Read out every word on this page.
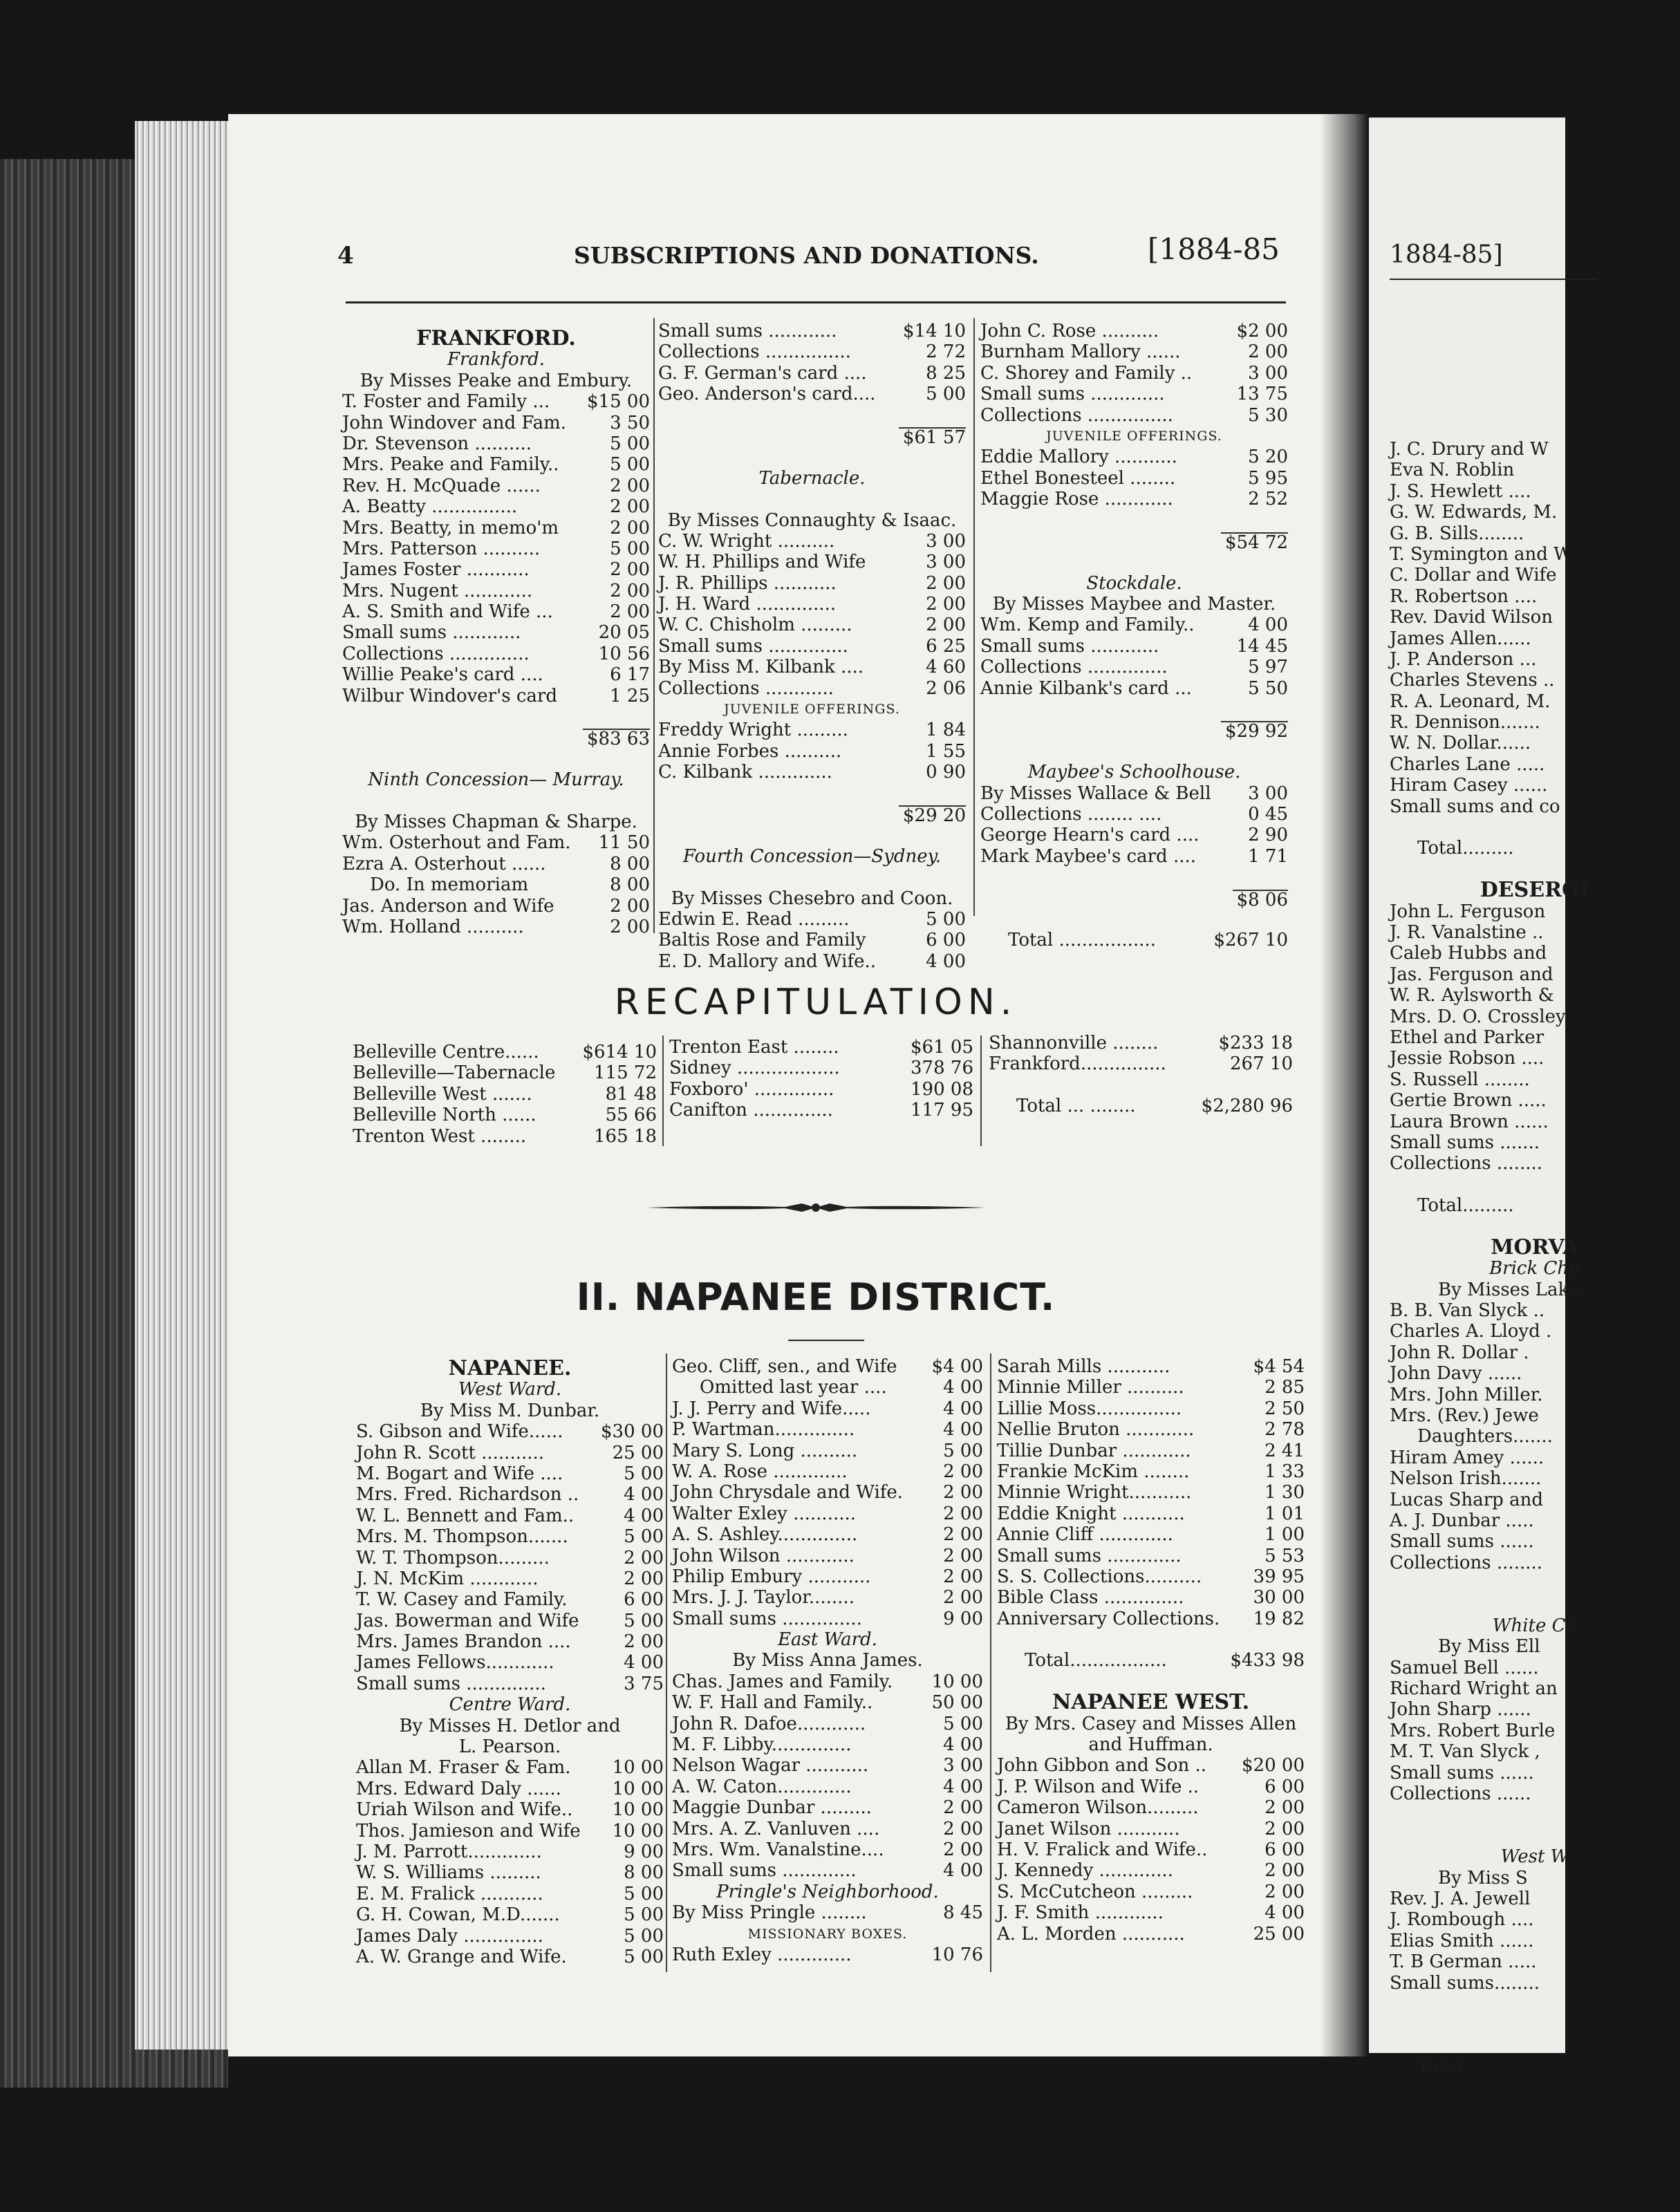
1884-85]
J. C. Drury and W
Eva N. Roblin
J. S. Hewlett ....
G. W. Edwards, M.
G. B. Sills........
T. Symington and W
C. Dollar and Wife
R. Robertson ....
Rev. David Wilson
James Allen......
J. P. Anderson ...
Charles Stevens ..
R. A. Leonard, M.
R. Dennison.......
W. N. Dollar......
Charles Lane .....
Hiram Casey ......
Small sums and co
Total.........
DESEROI
John L. Ferguson
J. R. Vanalstine ..
Caleb Hubbs and
Jas. Ferguson and
W. R. Aylsworth &
Mrs. D. O. Crossley
Ethel and Parker
Jessie Robson ....
S. Russell ........
Gertie Brown .....
Laura Brown ......
Small sums .......
Collections ........
Total.........
MORVA
Brick Chu
By Misses Lake
B. B. Van Slyck ..
Charles A. Lloyd .
John R. Dollar .
John Davy ......
Mrs. John Miller.
Mrs. (Rev.) Jewe
Daughters.......
Hiram Amey ......
Nelson Irish.......
Lucas Sharp and
A. J. Dunbar .....
Small sums ......
Collections ........
White Ch
By Miss Ell
Samuel Bell ......
Richard Wright an
John Sharp ......
Mrs. Robert Burle
M. T. Van Slyck ,
Small sums ......
Collections ......
West W
By Miss S
Rev. J. A. Jewell
J. Rombough ....
Elias Smith ......
T. B German .....
Small sums........
Total ........
4	SUBSCRIPTIONS AND DONATIONS.	[1884-85
FRANKFORD.
Frankford.
By Misses Peake and Embury.
T. Foster and Family ... $15 00
John Windover and Fam. 3 50
Dr. Stevenson ..........	5 00
Mrs. Peake and Family..	5 00
Rev. H. McQuade ......	2 00
A. Beatty ...............	2 00
Mrs. Beatty, in memo'm	2 00
Mrs. Patterson ..........	5 00
James Foster ...........	2 00
Mrs. Nugent ............	2 00
A. S. Smith and Wife ...	2 00
Small sums ............	20 05
Collections ..............	10 56
Willie Peake's card ....	6 17
Wilbur Windover's card	1 25
$83 63
Ninth Concession— Murray.
By Misses Chapman & Sharpe.
Wm. Osterhout and Fam. 11 50
Ezra A. Osterhout ......	8 00
Do. In memoriam	8 00
Jas. Anderson and Wife	2 00
Wm. Holland ..........	2 00
Small sums ............	$14 10
Collections ...............	2 72
G. F. German's card ....	8 25
Geo. Anderson's card....	5 00
$61 57
Tabernacle.
By Misses Connaughty & Isaac.
C. W. Wright ..........	3 00
W. H. Phillips and Wife	3 00
J. R. Phillips ...........	2 00
J. H. Ward ..............	2 00
W. C. Chisholm .........	2 00
Small sums ..............	6 25
By Miss M. Kilbank ....	4 60
Collections ............	2 06
JUVENILE OFFERINGS.
Freddy Wright .........	1 84
Annie Forbes ..........	1 55
C. Kilbank .............	0 90
$29 20
Fourth Concession—Sydney.
By Misses Chesebro and Coon.
Edwin E. Read .........	5 00
Baltis Rose and Family	6 00
E. D. Mallory and Wife..	4 00
John C. Rose ..........	$2 00
Burnham Mallory ......	2 00
C. Shorey and Family ..	3 00
Small sums .............	13 75
Collections ...............	5 30
JUVENILE OFFERINGS.
Eddie Mallory ...........	5 20
Ethel Bonesteel ........	5 95
Maggie Rose ............	2 52
$54 72
Stockdale.
By Misses Maybee and Master.
Wm. Kemp and Family..	4 00
Small sums ............	14 45
Collections ..............	5 97
Annie Kilbank's card ...	5 50
$29 92
Maybee's Schoolhouse.
By Misses Wallace & Bell 3 00
Collections ........ ....	0 45
George Hearn's card ....	2 90
Mark Maybee's card ....	1 71
$8 06
Total .................	$267 10
RECAPITULATION.
Belleville Centre...... $614 10
Belleville—Tabernacle 115 72
Belleville West .......	81 48
Belleville North ......	55 66
Trenton West ........	165 18
Trenton East ........	$61 05
Sidney ..................	378 76
Foxboro' ..............	190 08
Canifton ..............	117 95
Shannonville ........	$233 18
Frankford...............	267 10
Total ... ........	$2,280 96
II. NAPANEE DISTRICT.
NAPANEE.
West Ward.
By Miss M. Dunbar.
S. Gibson and Wife...... $30 00
John R. Scott ...........	25 00
M. Bogart and Wife ....	5 00
Mrs. Fred. Richardson .. 4 00
W. L. Bennett and Fam..	4 00
Mrs. M. Thompson.......	5 00
W. T. Thompson.........	2 00
J. N. McKim ............	2 00
T. W. Casey and Family.	6 00
Jas. Bowerman and Wife 5 00
Mrs. James Brandon ....	2 00
James Fellows............	4 00
Small sums ..............	3 75
Centre Ward.
By Misses H. Detlor and
L. Pearson.
Allan M. Fraser & Fam. 10 00
Mrs. Edward Daly ......	10 00
Uriah Wilson and Wife.. 10 00
Thos. Jamieson and Wife 10 00
J. M. Parrott.............	9 00
W. S. Williams .........	8 00
E. M. Fralick ...........	5 00
G. H. Cowan, M.D.......	5 00
James Daly ..............	5 00
A. W. Grange and Wife.	5 00
Geo. Cliff, sen., and Wife $4 00
Omitted last year ....	4 00
J. J. Perry and Wife.....	4 00
P. Wartman..............	4 00
Mary S. Long ..........	5 00
W. A. Rose .............	2 00
John Chrysdale and Wife. 2 00
Walter Exley ...........	2 00
A. S. Ashley..............	2 00
John Wilson ............	2 00
Philip Embury ...........	2 00
Mrs. J. J. Taylor........	2 00
Small sums ..............	9 00
East Ward.
By Miss Anna James.
Chas. James and Family. 10 00
W. F. Hall and Family..	50 00
John R. Dafoe............	5 00
M. F. Libby..............	4 00
Nelson Wagar ...........	3 00
A. W. Caton.............	4 00
Maggie Dunbar .........	2 00
Mrs. A. Z. Vanluven ....	2 00
Mrs. Wm. Vanalstine....	2 00
Small sums .............	4 00
Pringle's Neighborhood.
By Miss Pringle ........	8 45
MISSIONARY BOXES.
Ruth Exley .............	10 76
Sarah Mills ...........	$4 54
Minnie Miller ..........	2 85
Lillie Moss...............	2 50
Nellie Bruton ............	2 78
Tillie Dunbar ............	2 41
Frankie McKim ........	1 33
Minnie Wright...........	1 30
Eddie Knight ...........	1 01
Annie Cliff .............	1 00
Small sums .............	5 53
S. S. Collections..........	39 95
Bible Class ..............	30 00
Anniversary Collections. 19 82
Total.................	$433 98
NAPANEE WEST.
By Mrs. Casey and Misses Allen
and Huffman.
John Gibbon and Son .. $20 00
J. P. Wilson and Wife ..	6 00
Cameron Wilson.........	2 00
Janet Wilson ...........	2 00
H. V. Fralick and Wife..	6 00
J. Kennedy .............	2 00
S. McCutcheon .........	2 00
J. F. Smith ............	4 00
A. L. Morden ...........	25 00
